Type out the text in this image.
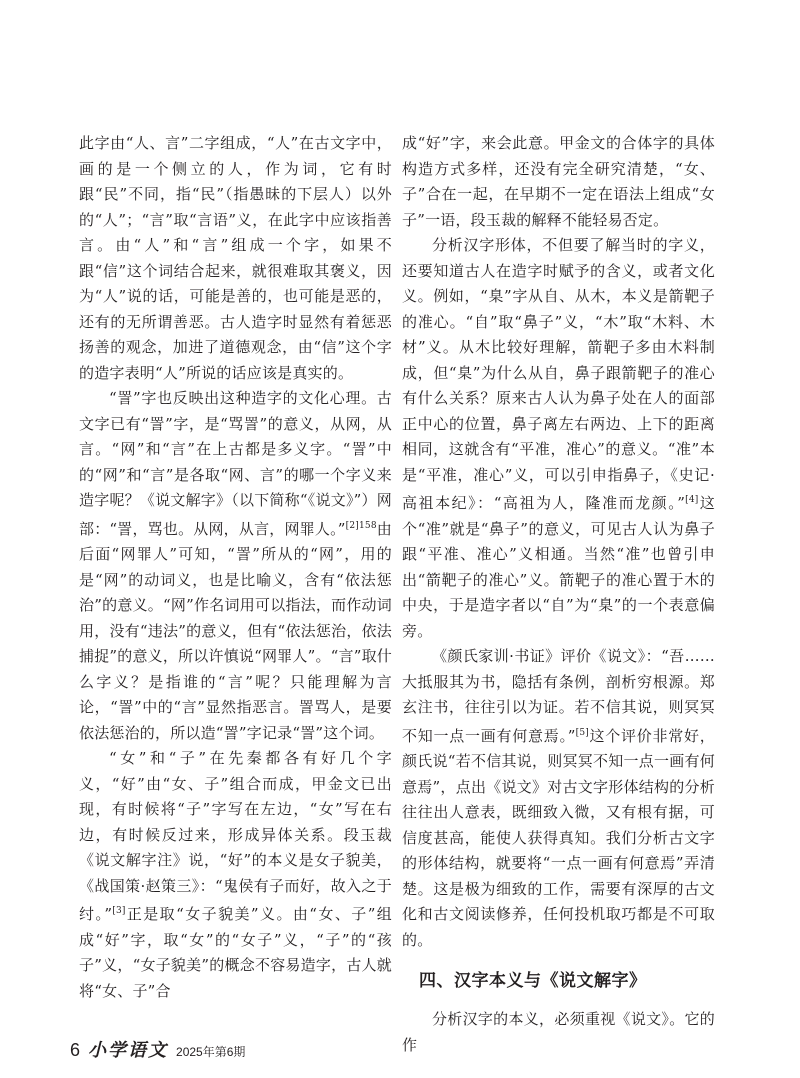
此字由“人、言”二字组成，“人”在古文字中，画的是一个侧立的人，作为词，它有时跟“民”不同，指“民”（指愚昧的下层人）以外的“人”；“言”取“言语”义，在此字中应该指善言。由“人”和“言”组成一个字，如果不跟“信”这个词结合起来，就很难取其褒义，因为“人”说的话，可能是善的，也可能是恶的，还有的无所谓善恶。古人造字时显然有着惩恶扬善的观念，加进了道德观念，由“信”这个字的造字表明“人”所说的话应该是真实的。

“詈”字也反映出这种造字的文化心理。古文字已有“詈”字，是“骂詈”的意义，从网，从言。“网”和“言”在上古都是多义字。“詈”中的“网”和“言”是各取“网、言”的哪一个字义来造字呢？《说文解字》（以下简称“《说文》”）网部：“詈，骂也。从网，从言，网罪人。”$^{[2]158}$由后面“网罪人”可知，“詈”所从的“网”，用的是“网”的动词义，也是比喻义，含有“依法惩治”的意义。“网”作名词用可以指法，而作动词用，没有“违法”的意义，但有“依法惩治，依法捕捉”的意义，所以许慎说“网罪人”。“言”取什么字义？是指谁的“言”呢？只能理解为言论，“詈”中的“言”显然指恶言。詈骂人，是要依法惩治的，所以造“詈”字记录“詈”这个词。

“女”和“子”在先秦都各有好几个字义，“好”由“女、子”组合而成，甲金文已出现，有时候将“子”字写在左边，“女”写在右边，有时候反过来，形成异体关系。段玉裁《说文解字注》说，“好”的本义是女子貌美，《战国策·赵策三》：“鬼侯有子而好，故入之于纣。”[3]正是取“女子貌美”义。由“女、子”组成“好”字，取“女”的“女子”义，“子”的“孩子”义，“女子貌美”的概念不容易造字，古人就将“女、子”合

成“好”字，来会此意。甲金文的合体字的具体构造方式多样，还没有完全研究清楚，“女、子”合在一起，在早期不一定在语法上组成“女子”一语，段玉裁的解释不能轻易否定。

分析汉字形体，不但要了解当时的字义，还要知道古人在造字时赋予的含义，或者文化义。例如，“臬”字从自、从木，本义是箭靶子的准心。“自”取“鼻子”义，“木”取“木料、木材”义。从木比较好理解，箭靶子多由木料制成，但“臬”为什么从自，鼻子跟箭靶子的准心有什么关系？原来古人认为鼻子处在人的面部正中心的位置，鼻子离左右两边、上下的距离相同，这就含有“平准，准心”的意义。“准”本是“平准，准心”义，可以引申指鼻子，《史记·高祖本纪》：“高祖为人，隆准而龙颜。”[4]这个“准”就是“鼻子”的意义，可见古人认为鼻子跟“平准、准心”义相通。当然“准”也曾引申出“箭靶子的准心”义。箭靶子的准心置于木的中央，于是造字者以“自”为“臬”的一个表意偏旁。

《颜氏家训·书证》评价《说文》：“吾……大抵服其为书，隐括有条例，剖析穷根源。郑玄注书，往往引以为证。若不信其说，则冥冥不知一点一画有何意焉。”[5]这个评价非常好，颜氏说“若不信其说，则冥冥不知一点一画有何意焉”，点出《说文》对古文字形体结构的分析往往出人意表，既细致入微，又有根有据，可信度甚高，能使人获得真知。我们分析古文字的形体结构，就要将“一点一画有何意焉”弄清楚。这是极为细致的工作，需要有深厚的古文化和古文阅读修养，任何投机取巧都是不可取的。

四、汉字本义与《说文解字》

分析汉字的本义，必须重视《说文》。它的作

6 小学语文 2025年第6期
